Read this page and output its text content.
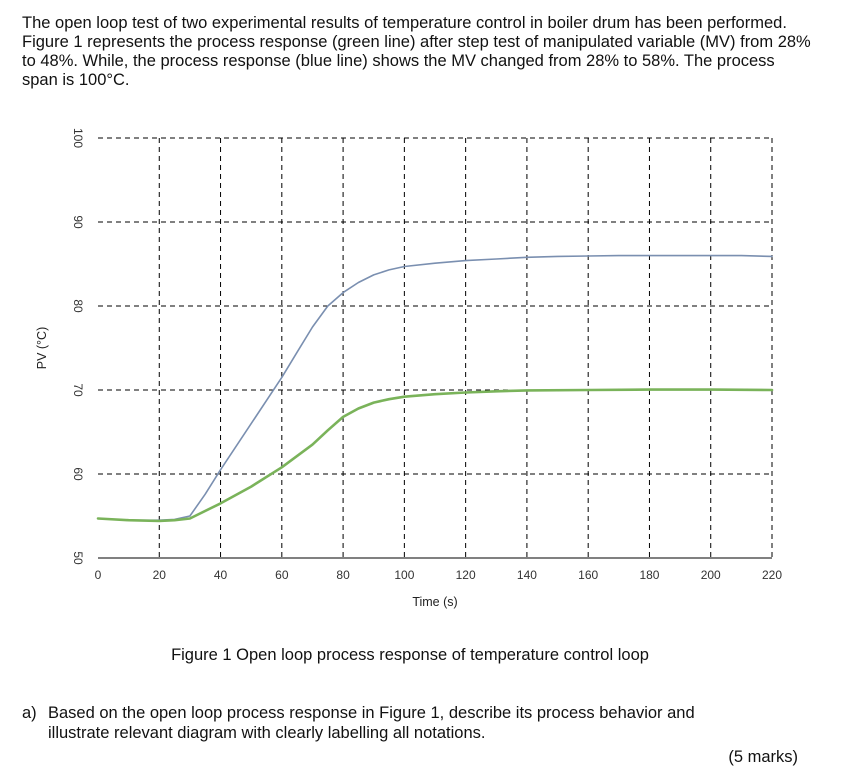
The open loop test of two experimental results of temperature control in boiler drum has been performed. Figure 1 represents the process response (green line) after step test of manipulated variable (MV) from 28% to 48%. While, the process response (blue line) shows the MV changed from 28% to 58%. The process span is 100°C.

50
60
70
80
90
100
0	20	40	60	80	100	120	140	160	180	200	220
Time (s)
PV (°C)
Figure 1 Open loop process response of temperature control loop
a) Based on the open loop process response in Figure 1, describe its process behavior and
illustrate relevant diagram with clearly labelling all notations.
(5 marks)
